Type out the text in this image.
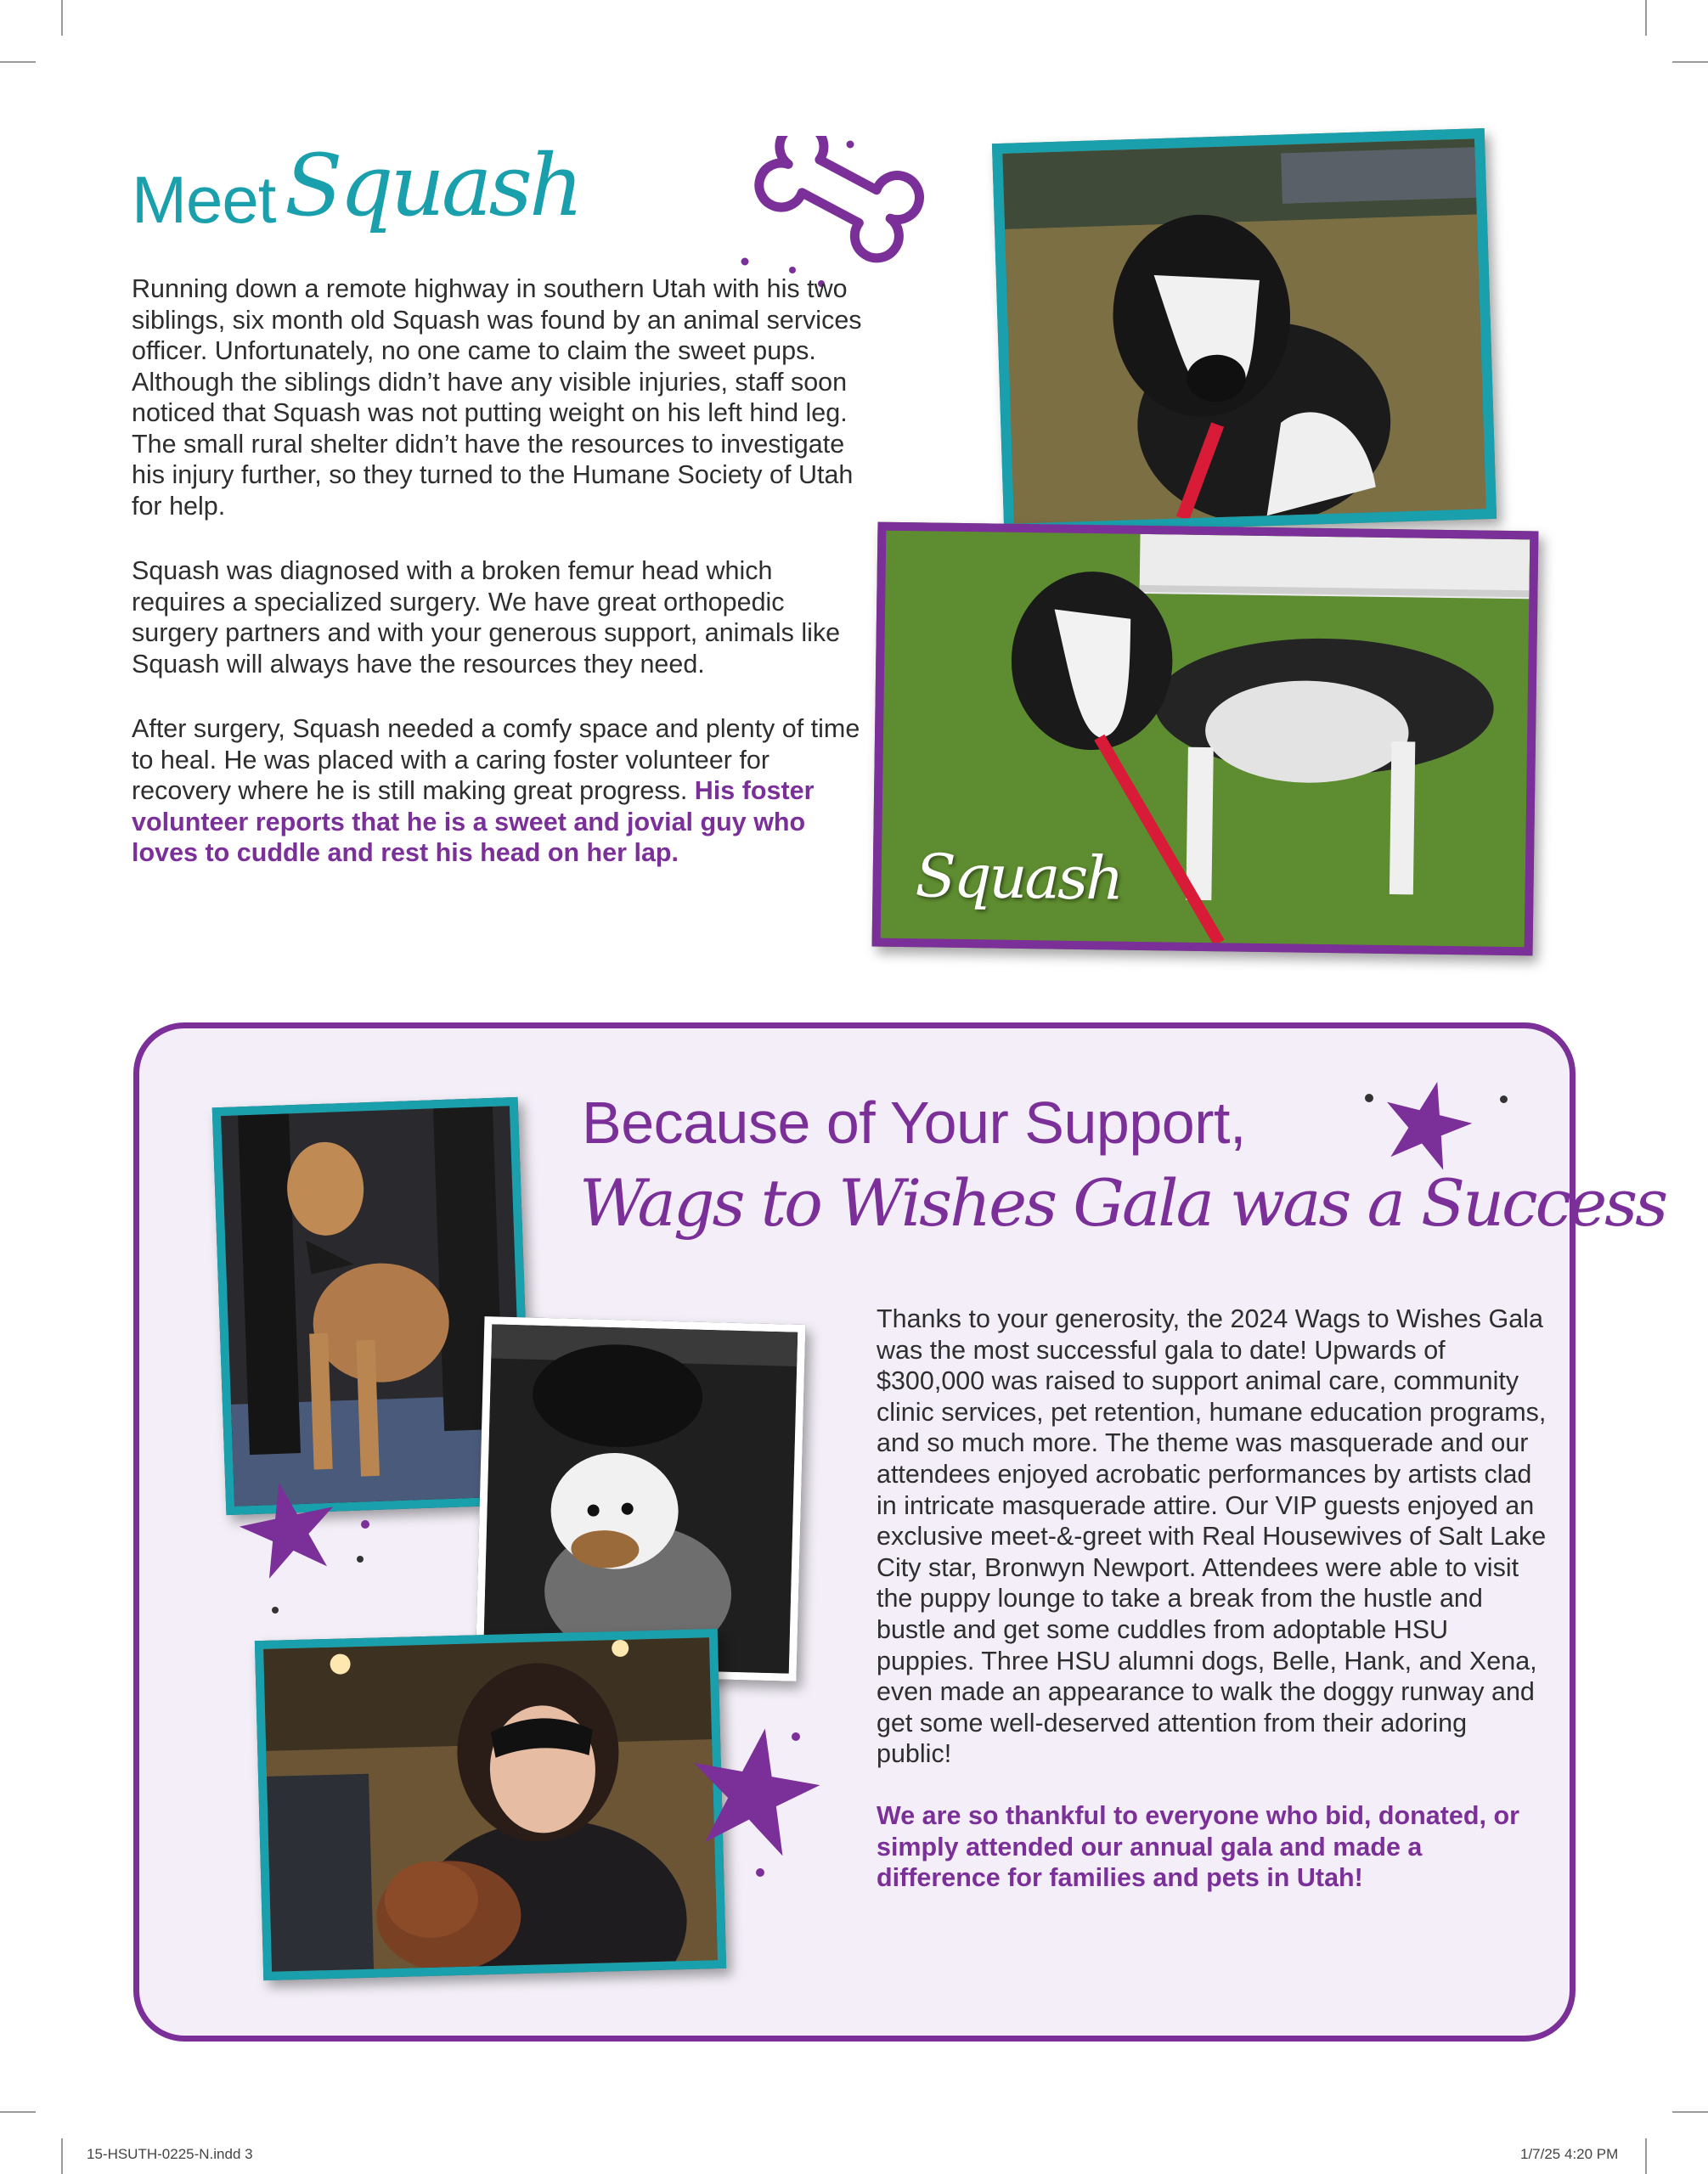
Meet Squash

Running down a remote highway in southern Utah with his two siblings, six month old Squash was found by an animal services officer. Unfortunately, no one came to claim the sweet pups. Although the siblings didn’t have any visible injuries, staff soon noticed that Squash was not putting weight on his left hind leg. The small rural shelter didn’t have the resources to investigate his injury further, so they turned to the Humane Society of Utah for help.

Squash was diagnosed with a broken femur head which requires a specialized surgery. We have great orthopedic surgery partners and with your generous support, animals like Squash will always have the resources they need.

After surgery, Squash needed a comfy space and plenty of time to heal. He was placed with a caring foster volunteer for recovery where he is still making great progress. His foster volunteer reports that he is a sweet and jovial guy who loves to cuddle and rest his head on her lap.	Squash
Because of Your Support,
Wags to Wishes Gala was a Success

Thanks to your generosity, the 2024 Wags to Wishes Gala was the most successful gala to date! Upwards of $300,000 was raised to support animal care, community clinic services, pet retention, humane education programs, and so much more. The theme was masquerade and our attendees enjoyed acrobatic performances by artists clad in intricate masquerade attire. Our VIP guests enjoyed an exclusive meet-&-greet with Real Housewives of Salt Lake City star, Bronwyn Newport. Attendees were able to visit the puppy lounge to take a break from the hustle and bustle and get some cuddles from adoptable HSU puppies. Three HSU alumni dogs, Belle, Hank, and Xena, even made an appearance to walk the doggy runway and get some well-deserved attention from their adoring public!

We are so thankful to everyone who bid, donated, or simply attended our annual gala and made a difference for families and pets in Utah!

15-HSUTH-0225-N.indd 3	1/7/25 4:20 PM
